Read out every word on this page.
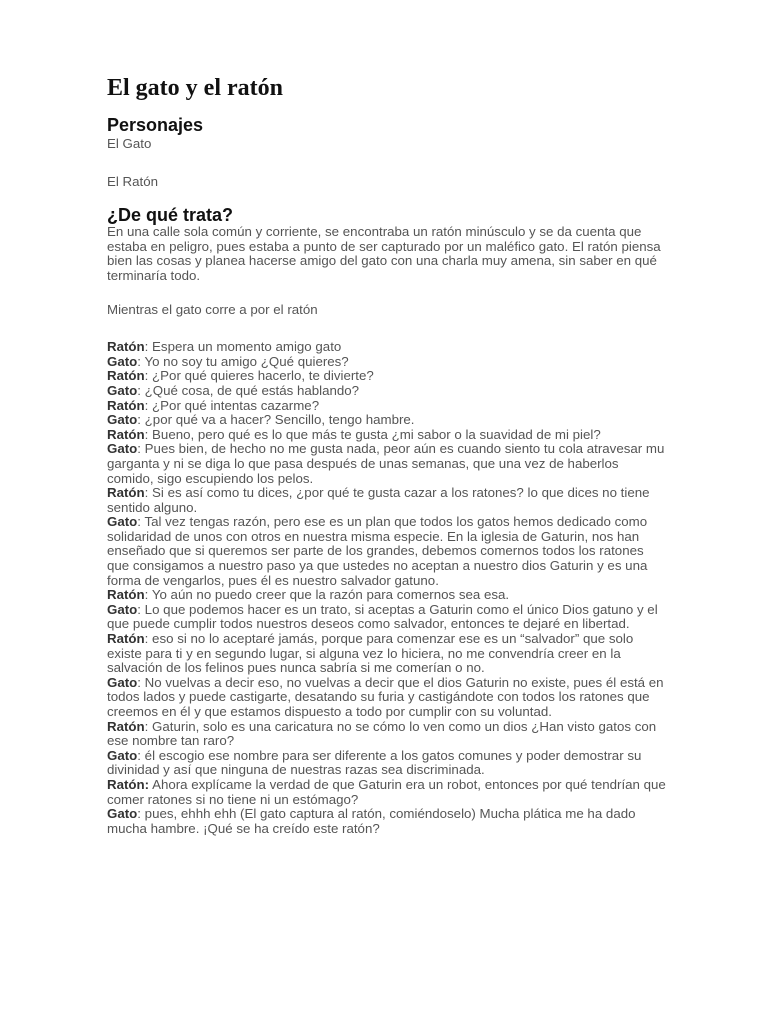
El gato y el ratón
Personajes

El Gato

El Ratón

¿De qué trata?

En una calle sola común y corriente, se encontraba un ratón minúsculo y se da cuenta que estaba en peligro, pues estaba a punto de ser capturado por un maléfico gato. El ratón piensa bien las cosas y planea hacerse amigo del gato con una charla muy amena, sin saber en qué terminaría todo.

Mientras el gato corre a por el ratón

Ratón: Espera un momento amigo gato

Gato: Yo no soy tu amigo ¿Qué quieres?

Ratón: ¿Por qué quieres hacerlo, te divierte?

Gato: ¿Qué cosa, de qué estás hablando?

Ratón: ¿Por qué intentas cazarme?

Gato: ¿por qué va a hacer? Sencillo, tengo hambre.

Ratón: Bueno, pero qué es lo que más te gusta ¿mi sabor o la suavidad de mi piel?

Gato: Pues bien, de hecho no me gusta nada, peor aún es cuando siento tu cola atravesar mu garganta y ni se diga lo que pasa después de unas semanas, que una vez de haberlos comido, sigo escupiendo los pelos.

Ratón: Si es así como tu dices, ¿por qué te gusta cazar a los ratones? lo que dices no tiene sentido alguno.

Gato: Tal vez tengas razón, pero ese es un plan que todos los gatos hemos dedicado como solidaridad de unos con otros en nuestra misma especie. En la iglesia de Gaturin, nos han enseñado que si queremos ser parte de los grandes, debemos comernos todos los ratones que consigamos a nuestro paso ya que ustedes no aceptan a nuestro dios Gaturin y es una forma de vengarlos, pues él es nuestro salvador gatuno.

Ratón: Yo aún no puedo creer que la razón para comernos sea esa.

Gato: Lo que podemos hacer es un trato, si aceptas a Gaturin como el único Dios gatuno y el que puede cumplir todos nuestros deseos como salvador, entonces te dejaré en libertad.

Ratón: eso si no lo aceptaré jamás, porque para comenzar ese es un “salvador” que solo existe para ti y en segundo lugar, si alguna vez lo hiciera, no me convendría creer en la salvación de los felinos pues nunca sabría si me comerían o no.

Gato: No vuelvas a decir eso, no vuelvas a decir que el dios Gaturin no existe, pues él está en todos lados y puede castigarte, desatando su furia y castigándote con todos los ratones que creemos en él y que estamos dispuesto a todo por cumplir con su voluntad.

Ratón: Gaturin, solo es una caricatura no se cómo lo ven como un dios ¿Han visto gatos con ese nombre tan raro?

Gato: él escogio ese nombre para ser diferente a los gatos comunes y poder demostrar su divinidad y así que ninguna de nuestras razas sea discriminada.

Ratón: Ahora explícame la verdad de que Gaturin era un robot, entonces por qué tendrían que comer ratones si no tiene ni un estómago?

Gato: pues, ehhh ehh (El gato captura al ratón, comiéndoselo) Mucha plática me ha dado mucha hambre. ¡Qué se ha creído este ratón?
